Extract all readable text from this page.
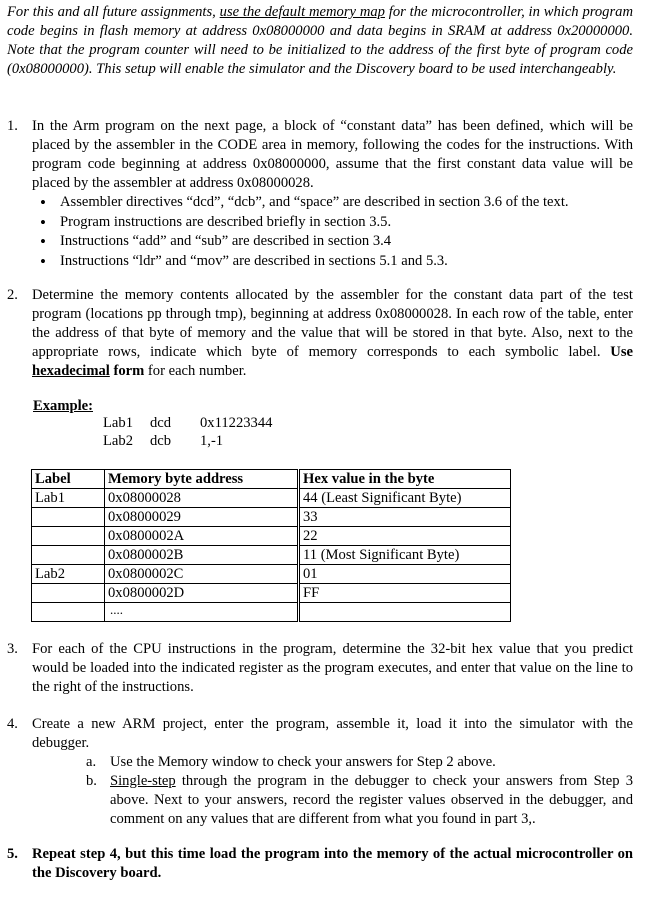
For this and all future assignments, use the default memory map for the microcontroller, in which program code begins in flash memory at address 0x08000000 and data begins in SRAM at address 0x20000000. Note that the program counter will need to be initialized to the address of the first byte of program code (0x08000000). This setup will enable the simulator and the Discovery board to be used interchangeably.
1. In the Arm program on the next page, a block of “constant data” has been defined, which will be placed by the assembler in the CODE area in memory, following the codes for the instructions. With program code beginning at address 0x08000000, assume that the first constant data value will be placed by the assembler at address 0x08000028.
• Assembler directives “dcd”, “dcb”, and “space” are described in section 3.6 of the text.
• Program instructions are described briefly in section 3.5.
• Instructions “add” and “sub” are described in section 3.4
• Instructions “ldr” and “mov” are described in sections 5.1 and 5.3.
2. Determine the memory contents allocated by the assembler for the constant data part of the test program (locations pp through tmp), beginning at address 0x08000028. In each row of the table, enter the address of that byte of memory and the value that will be stored in that byte. Also, next to the appropriate rows, indicate which byte of memory corresponds to each symbolic label. Use hexadecimal form for each number.
Example:
Lab1 dcd 0x11223344
Lab2 dcb 1,-1
Label	Memory byte address		Hex value in the byte
Lab1	0x08000028		44 (Least Significant Byte)
	0x08000029		33
	0x0800002A		22
	0x0800002B		11 (Most Significant Byte)
Lab2	0x0800002C		01
	0x0800002D		FF

....
3. For each of the CPU instructions in the program, determine the 32-bit hex value that you predict would be loaded into the indicated register as the program executes, and enter that value on the line to the right of the instructions.
4. Create a new ARM project, enter the program, assemble it, load it into the simulator with the debugger.
a. Use the Memory window to check your answers for Step 2 above.
b. Single-step through the program in the debugger to check your answers from Step 3 above. Next to your answers, record the register values observed in the debugger, and comment on any values that are different from what you found in part 3,.
5. Repeat step 4, but this time load the program into the memory of the actual microcontroller on the Discovery board.
